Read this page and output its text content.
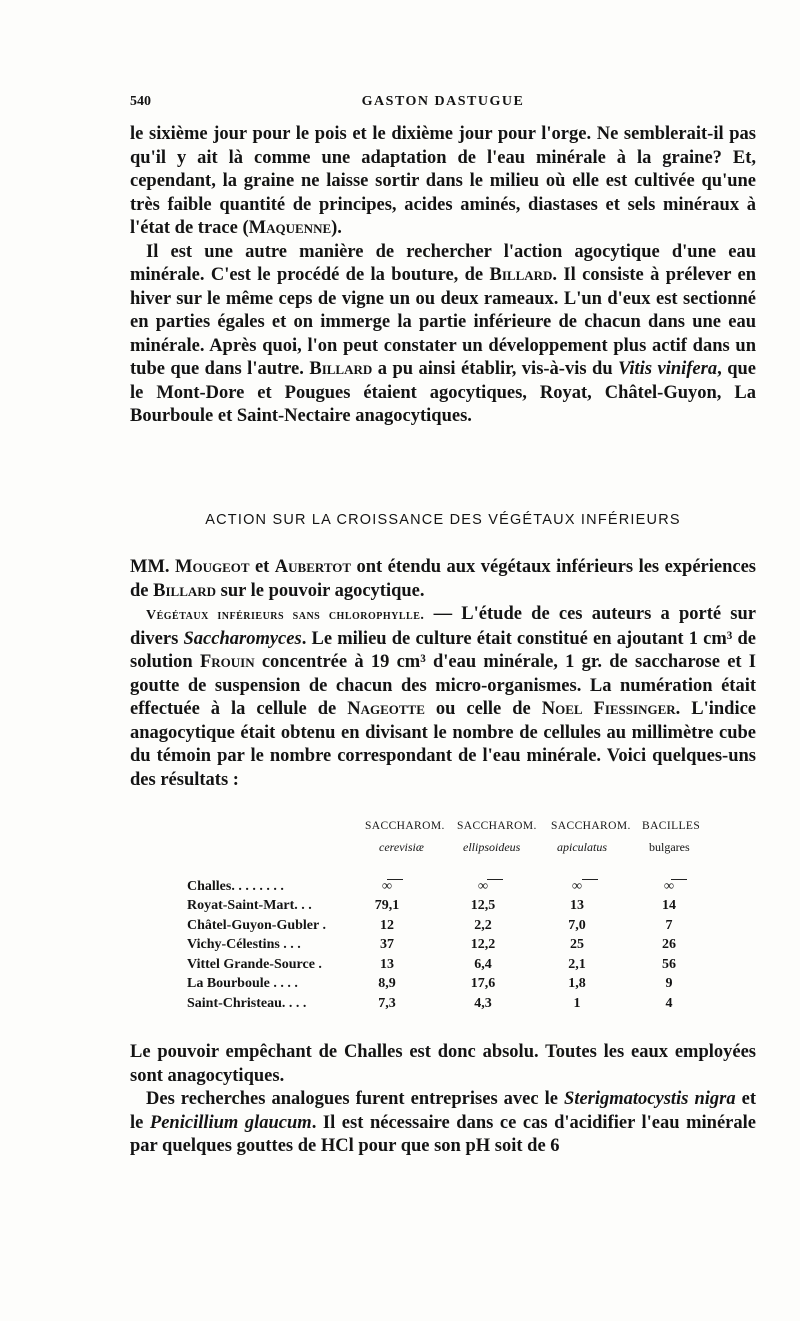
540	GASTON DASTUGUE

le sixième jour pour le pois et le dixième jour pour l'orge. Ne semblerait-il pas qu'il y ait là comme une adaptation de l'eau minérale à la graine? Et, cependant, la graine ne laisse sortir dans le milieu où elle est cultivée qu'une très faible quantité de principes, acides aminés, diastases et sels minéraux à l'état de trace (Maquenne).

Il est une autre manière de rechercher l'action agocytique d'une eau minérale. C'est le procédé de la bouture, de Billard. Il consiste à prélever en hiver sur le même ceps de vigne un ou deux rameaux. L'un d'eux est sectionné en parties égales et on immerge la partie inférieure de chacun dans une eau minérale. Après quoi, l'on peut constater un développement plus actif dans un tube que dans l'autre. Billard a pu ainsi établir, vis-à-vis du Vitis vinifera, que le Mont-Dore et Pougues étaient agocytiques, Royat, Châtel-Guyon, La Bourboule et Saint-Nectaire anagocytiques.

ACTION SUR LA CROISSANCE DES VÉGÉTAUX INFÉRIEURS

MM. Mougeot et Aubertot ont étendu aux végétaux inférieurs les expériences de Billard sur le pouvoir agocytique.

Végétaux inférieurs sans chlorophylle. — L'étude de ces auteurs a porté sur divers Saccharomyces. Le milieu de culture était constitué en ajoutant 1 cm³ de solution Frouin concentrée à 19 cm³ d'eau minérale, 1 gr. de saccharose et I goutte de suspension de chacun des micro-organismes. La numération était effectuée à la cellule de Nageotte ou celle de Noel Fiessinger. L'indice anagocytique était obtenu en divisant le nombre de cellules au millimètre cube du témoin par le nombre correspondant de l'eau minérale. Voici quelques-uns des résultats :

SACCHAROM. SACCHAROM. SACCHAROM. BACILLES
cerevisiæ	ellipsoideus	apiculatus	bulgares
Challes. . . . . . . .	∞	∞	∞	∞
Royat-Saint-Mart. . .	79,1	12,5	13	14
Châtel-Guyon-Gubler .	12	2,2	7,0	7
Vichy-Célestins . . .	37	12,2	25	26
Vittel Grande-Source .	13	6,4	2,1	56
La Bourboule . . . .	8,9	17,6	1,8	9
Saint-Christeau. . . .	7,3	4,3	1	4

Le pouvoir empêchant de Challes est donc absolu. Toutes les eaux employées sont anagocytiques.

Des recherches analogues furent entreprises avec le Sterigmatocystis nigra et le Penicillium glaucum. Il est nécessaire dans ce cas d'acidifier l'eau minérale par quelques gouttes de HCl pour que son pH soit de 6
